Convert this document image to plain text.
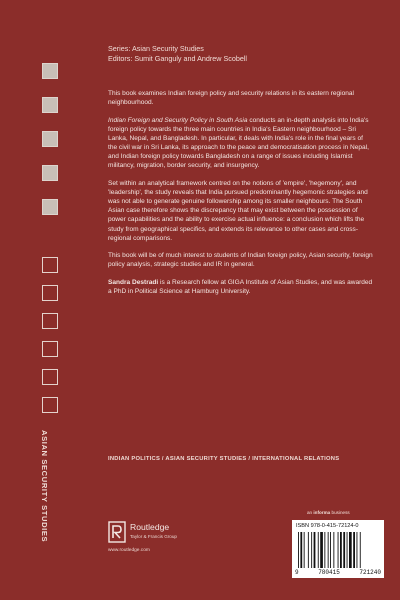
Series: Asian Security Studies
Editors: Sumit Ganguly and Andrew Scobell

This book examines Indian foreign policy and security relations in its eastern regional neighbourhood.

Indian Foreign and Security Policy in South Asia conducts an in-depth analysis into India's foreign policy towards the three main countries in India's Eastern neighbourhood – Sri Lanka, Nepal, and Bangladesh. In particular, it deals with India's role in the final years of the civil war in Sri Lanka, its approach to the peace and democratisation process in Nepal, and Indian foreign policy towards Bangladesh on a range of issues including Islamist militancy, migration, border security, and insurgency.

Set within an analytical framework centred on the notions of 'empire', 'hegemony', and 'leadership', the study reveals that India pursued predominantly hegemonic strategies and was not able to generate genuine followership among its smaller neighbours. The South Asian case therefore shows the discrepancy that may exist between the possession of power capabilities and the ability to exercise actual influence: a conclusion which lifts the study from geographical specifics, and extends its relevance to other cases and cross-regional comparisons.

This book will be of much interest to students of Indian foreign policy, Asian security, foreign policy analysis, strategic studies and IR in general.

Sandra Destradi is a Research fellow at GIGA Institute of Asian Studies, and was awarded a PhD in Political Science at Hamburg University.

INDIAN POLITICS / ASIAN SECURITY STUDIES / INTERNATIONAL RELATIONS
ASIAN SECURITY STUDIES	an informa business
ISBN 978-0-415-72124-0
9	780415	721240
Routledge
Taylor & Francis Group
www.routledge.com
